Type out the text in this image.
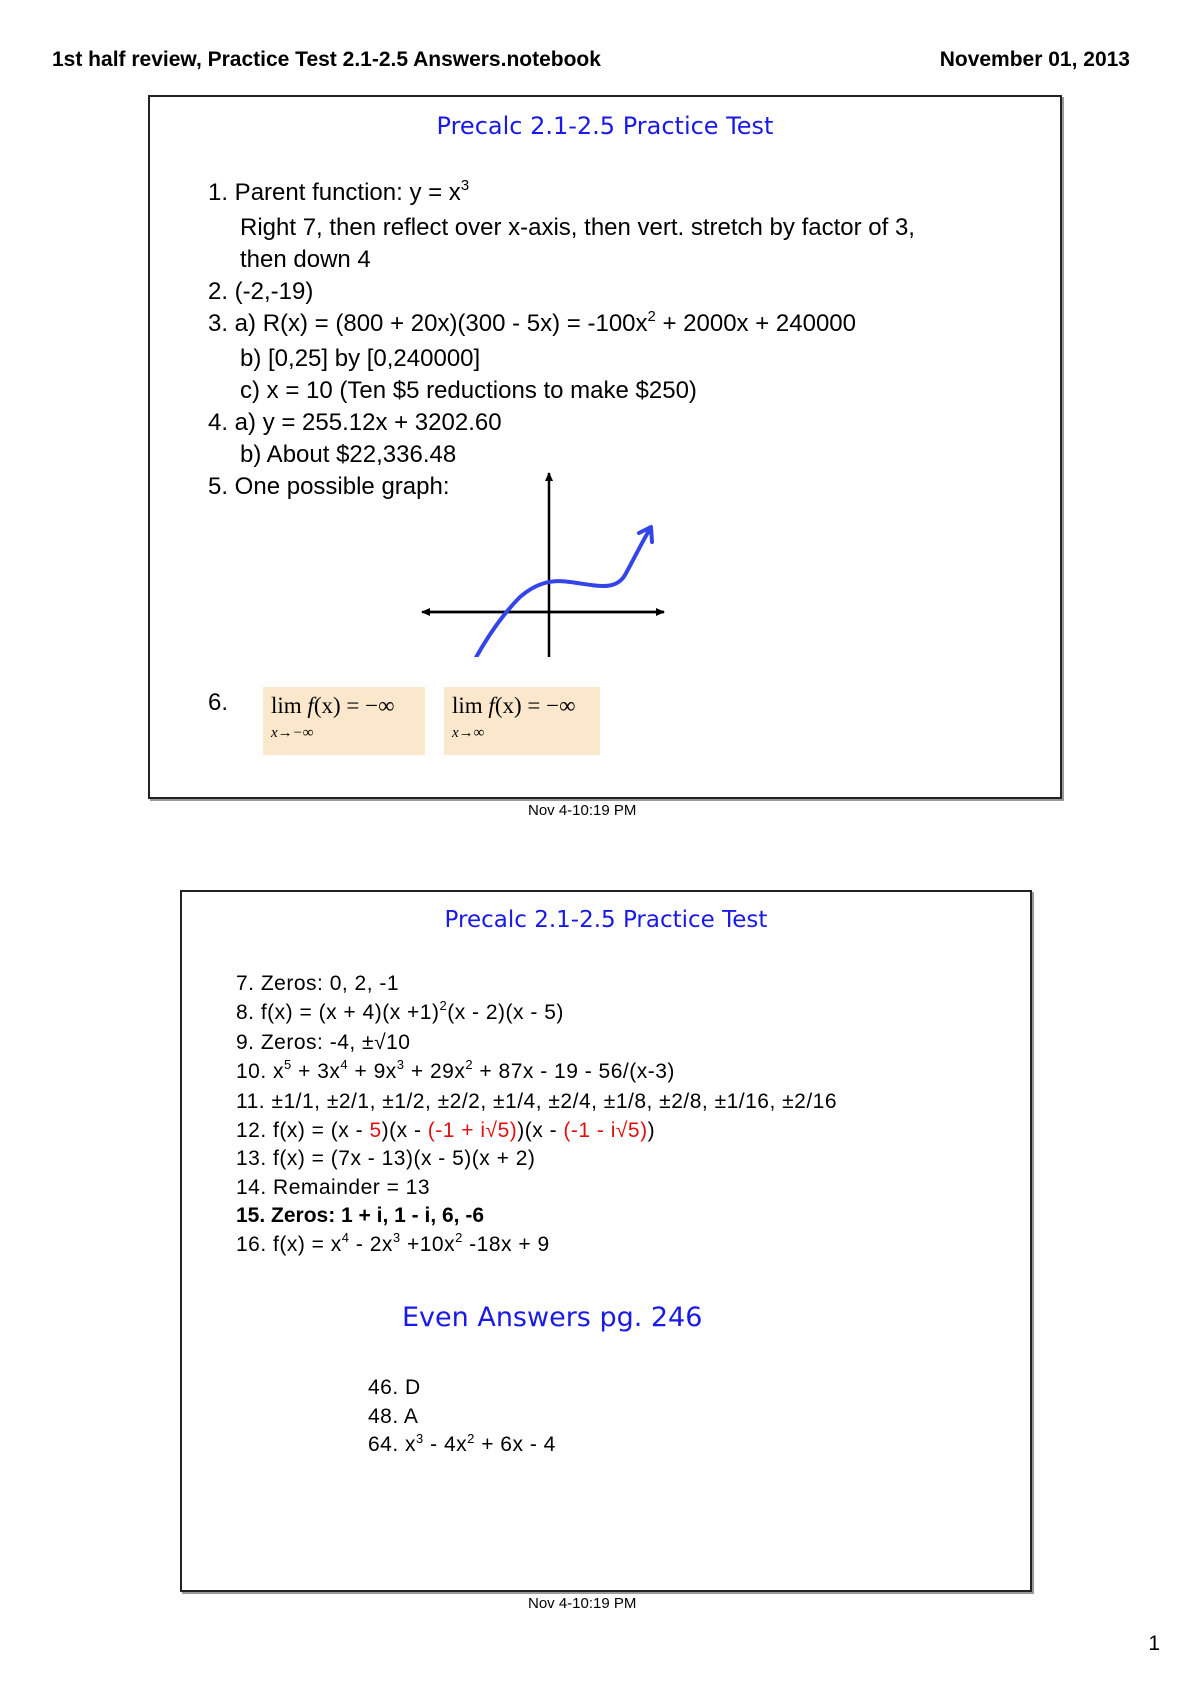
1st half review, Practice Test 2.1-2.5 Answers.notebook	November 01, 2013
Precalc 2.1-2.5 Practice Test
1. Parent function: $y = x^3$
Right 7, then reflect over x-axis, then vert. stretch by factor of 3,
then down 4
2. (-2,-19)
3. a) $R(x) = (800 + 20x)(300 - 5x) = -100x^2 + 2000x + 240000$
b) [0,25] by [0,240000]
c) x = 10 (Ten $5 reductions to make $250)
4. a) y = 255.12x + 3202.60
b) About $22,336.48
5. One possible graph:
6. lim f(x) = −∞
x→−∞
lim f(x) = −∞
x→∞
Nov 4-10:19 PM
Precalc 2.1-2.5 Practice Test
7. Zeros: 0, 2, -1
8. $f(x) = (x + 4)(x +1)^2(x - 2)(x - 5)$
9. Zeros: -4, ±√10
10. $x^5 + 3x^4 + 9x^3 + 29x^2 + 87x - 19 - 56/(x-3)$
11. ±1/1, ±2/1, ±1/2, ±2/2, ±1/4, ±2/4, ±1/8, ±2/8, ±1/16, ±2/16
12. f(x) = (x - 5)(x - (-1 + i√5))(x - (-1 - i√5))
13. f(x) = (7x - 13)(x - 5)(x + 2)
14. Remainder = 13
15. Zeros: 1 + i, 1 - i, 6, -6
16. $f(x) = x^4 - 2x^3 +10x^2$ -18x + 9
Even Answers pg. 246
46. D
48. A
64. $x^3 - 4x^2 + 6x - 4$
Nov 4-10:19 PM
1
